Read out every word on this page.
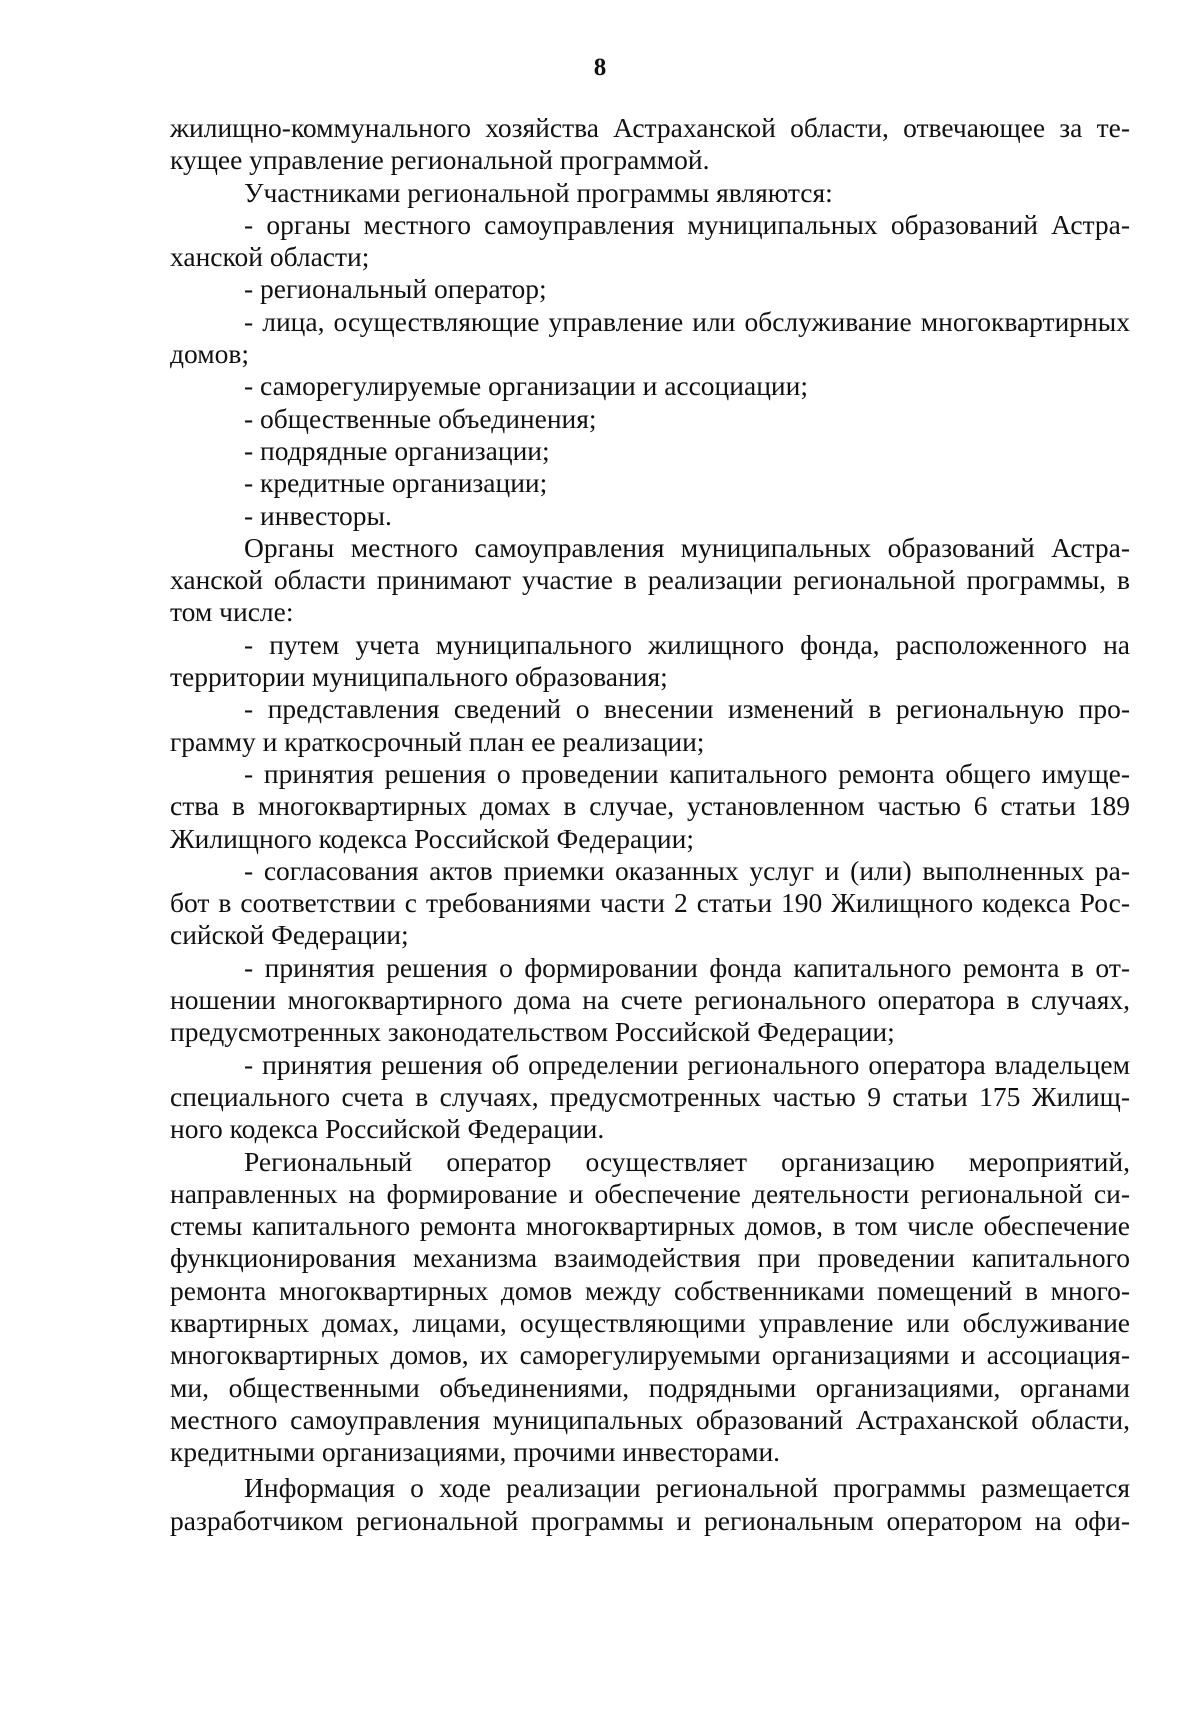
8
жилищно-коммунального хозяйства Астраханской области, отвечающее за те-
кущее управление региональной программой.
Участниками региональной программы являются:
- органы местного самоуправления муниципальных образований Астра-
ханской области;
- региональный оператор;
- лица, осуществляющие управление или обслуживание многоквартирных
домов;
- саморегулируемые организации и ассоциации;
- общественные объединения;
- подрядные организации;
- кредитные организации;
- инвесторы.
Органы местного самоуправления муниципальных образований Астра-
ханской области принимают участие в реализации региональной программы, в
том числе:
- путем учета муниципального жилищного фонда, расположенного на
территории муниципального образования;
- представления сведений о внесении изменений в региональную про-
грамму и краткосрочный план ее реализации;
- принятия решения о проведении капитального ремонта общего имуще-
ства в многоквартирных домах в случае, установленном частью 6 статьи 189
Жилищного кодекса Российской Федерации;
- согласования актов приемки оказанных услуг и (или) выполненных ра-
бот в соответствии с требованиями части 2 статьи 190 Жилищного кодекса Рос-
сийской Федерации;
- принятия решения о формировании фонда капитального ремонта в от-
ношении многоквартирного дома на счете регионального оператора в случаях,
предусмотренных законодательством Российской Федерации;
- принятия решения об определении регионального оператора владельцем
специального счета в случаях, предусмотренных частью 9 статьи 175 Жилищ-
ного кодекса Российской Федерации.
Региональный оператор осуществляет организацию мероприятий,
направленных на формирование и обеспечение деятельности региональной си-
стемы капитального ремонта многоквартирных домов, в том числе обеспечение
функционирования механизма взаимодействия при проведении капитального
ремонта многоквартирных домов между собственниками помещений в много-
квартирных домах, лицами, осуществляющими управление или обслуживание
многоквартирных домов, их саморегулируемыми организациями и ассоциация-
ми, общественными объединениями, подрядными организациями, органами
местного самоуправления муниципальных образований Астраханской области,
кредитными организациями, прочими инвесторами.
Информация о ходе реализации региональной программы размещается
разработчиком региональной программы и региональным оператором на офи-
